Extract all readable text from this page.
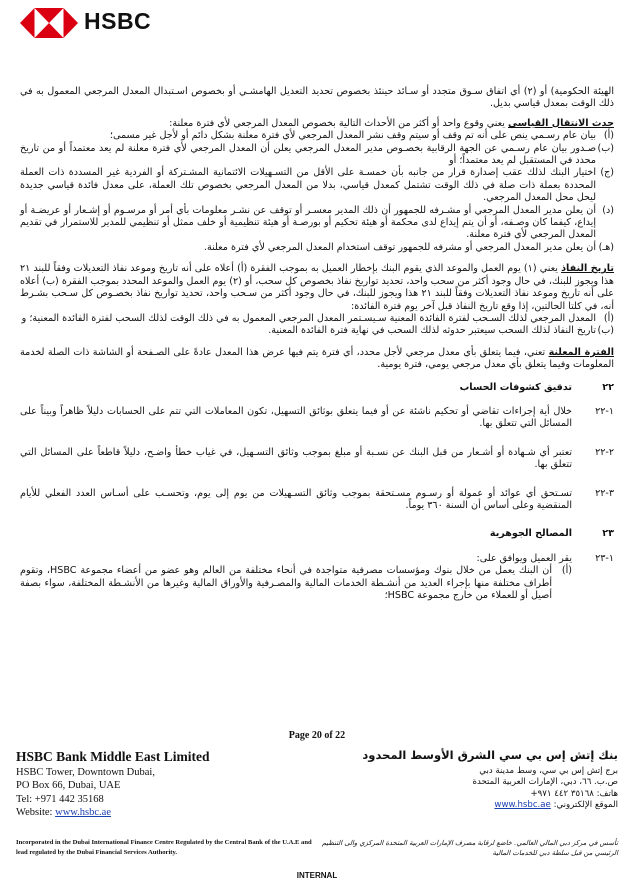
HSBC

الهيئة الحكومية) أو (٢) أي اتفاق سـوق متجدد أو سـائد حينئذ بخصوص تحديد التعديل الهامشـي أو بخصوص اسـتبدال المعدل المرجعي المعمول به في ذلك الوقت بمعدل قياسي بديل.

حدث الانتقال القياسي يعني وقوع واحد أو أكثر من الأحداث التالية بخصوص المعدل المرجعي لأي فترة معلنة:
(أ)
بيان عام رسـمي ينص على أنه تم وقف أو سيتم وقف نشر المعدل المرجعي لأي فترة معلنة بشكل دائم أو لأجل غير مسمى؛
(ب)
صـدور بيان عام رسـمي عن الجهة الرقابية بخصـوص مدير المعدل المرجعي يعلن أن المعدل المرجعي لأي فترة معلنة لم يعد معتمداً أو من تاريخ محدد في المستقبل لم يعد معتمداً؛ أو
(ج)
اختيار البنك لذلك عقب إصدارة قرار من جانبه بأن خمسـة على الأقل من التسـهيلات الائتمانية المشـتركة أو الفردية غير المسددة ذات العملة المحددة بعملة ذات صلة في ذلك الوقت تشتمل كمعدل قياسي، بدلا من المعدل المرجعي بخصوص تلك العملة، على معدل فائدة قياسي جديدة ليحل محل المعدل المرجعي.
(د)
أن يعلن مدير المعدل المرجعي أو مشـرفه للجمهور أن ذلك المدير معسـر أو توقف عن نشـر معلومات بأي أمر أو مرسـوم أو إشـعار أو عريضـة أو إيداع، كيفما كان وصـفه، أو أن يتم إيداع لدى محكمة أو هيئة تحكيم أو بورصـة أو هيئة تنظيمية أو خلف ممثل أو تنظيمي للمدير للاستمرار في تقديم المعدل المرجعي لأي فترة معلنة.
(هـ)
أن يعلن مدير المعدل المرجعي أو مشرفه للجمهور توقف استخدام المعدل المرجعي لأي فترة معلنة.
تاريخ النفاذ يعني (١) يوم العمل والموعد الذي يقوم البنك بإخطار العميل به بموجب الفقرة (أ) أعلاه على أنه تاريخ وموعد نفاذ التعديلات وفقاً للبند ٢١ هذا ويجوز للبنك، في حال وجود أكثر من سحب واحد، تحديد تواريخ نفاذ بخصوص كل سحب، أو (٢) يوم العمل والموعد المحدد بموجب الفقرة (ب) أعلاه على أنه تاريخ وموعد نفاذ التعديلات وفقاً للبند ٢١ هذا ويجوز للبنك، في حال وجود أكثر من سـحب واحد، تحديد تواريخ نفاذ بخصـوص كل سـحب بشـرط أنه، في كلتا الحالتين، إذا وقع تاريخ النفاذ قبل آخر يوم فترة الفائدة:
(أ)
المعدل المرجعي لذلك السـحب لفترة الفائدة المعنية سـيسـتمر المعدل المرجعي المعمول به في ذلك الوقت لذلك السحب لفترة الفائدة المعنية؛ و
(ب)
تاريخ النفاذ لذلك السحب سيعتبر حدوثه لذلك السحب في نهاية فترة الفائدة المعنية.
الفترة المعلنة تعني، فيما يتعلق بأي معدل مرجعي لأجل محدد، أي فترة يتم فيها عرض هذا المعدل عادةً على الصـفحة أو الشاشة ذات الصلة لخدمة المعلومات وفيما يتعلق بأي معدل مرجعي يومي، فترة يومية.
٢٢
تدقيق كشوفات الحساب
١-٢٢
خلال أية إجراءات تقاضي أو تحكيم ناشئة عن أو فيما يتعلق بوثائق التسهيل، تكون المعاملات التي تتم على الحسابات دليلاً ظاهراً وبيناً على المسائل التي تتعلق بها.
٢-٢٢
تعتبر أي شـهادة أو أشـعار من قبل البنك عن نسـبة أو مبلغ بموجب وثائق التسـهيل، في غياب خطأ واضـح، دليلاً قاطعاً على المسائل التي تتعلق بها.
٣-٢٢
تسـتحق أي عوائد أو عمولة أو رسـوم مسـتحقة بموجب وثائق التسـهيلات من يوم إلى يوم، وتحسـب على أسـاس العدد الفعلي للأيام المنقضية وعلى أساس أن السنة ٣٦٠ يوماً.
٢٣
المصالح الجوهرية
١-٢٣
يقر العميل ويوافق على:
(أ)
أن البنك يعمل من خلال بنوك ومؤسسات مصرفية متواجدة في أنحاء مختلفة من العالم وهو عضو من أعضاء مجموعة HSBC، وتقوم أطراف مختلفة منها بإجراء العديد من أنشـطة الخدمات المالية والمصـرفية والأوراق المالية وغيرها من الأنشـطة المختلفة، سواء بصفة أصيل أو للعملاء من خارج مجموعة HSBC؛
Page 20 of 22
HSBC Bank Middle East Limited
HSBC Tower, Downtown Dubai,
PO Box 66, Dubai, UAE
Tel: +971 442 35168
Website: www.hsbc.ae
بنك إتش إس بي سي الشرق الأوسط المحدود
برج إتش إس بي سي، وسط مدينة دبي
ص.ب. ٦٦، دبي، الإمارات العربية المتحدة
هاتف: ٣٥١٦٨ ٤٤٢ ٩٧١+
الموقع الإلكتروني: www.hsbc.ae
Incorporated in the Dubai International Finance Centre Regulated by the Central Bank of the U.A.E and lead regulated by the Dubai Financial Services Authority.
تأسس في مركز دبي المالي العالمي. خاضع لرقابة مصرف الإمارات العربية المتحدة المركزي والى التنظيم الرئيسي من قبل سلطة دبي للخدمات المالية
INTERNAL
